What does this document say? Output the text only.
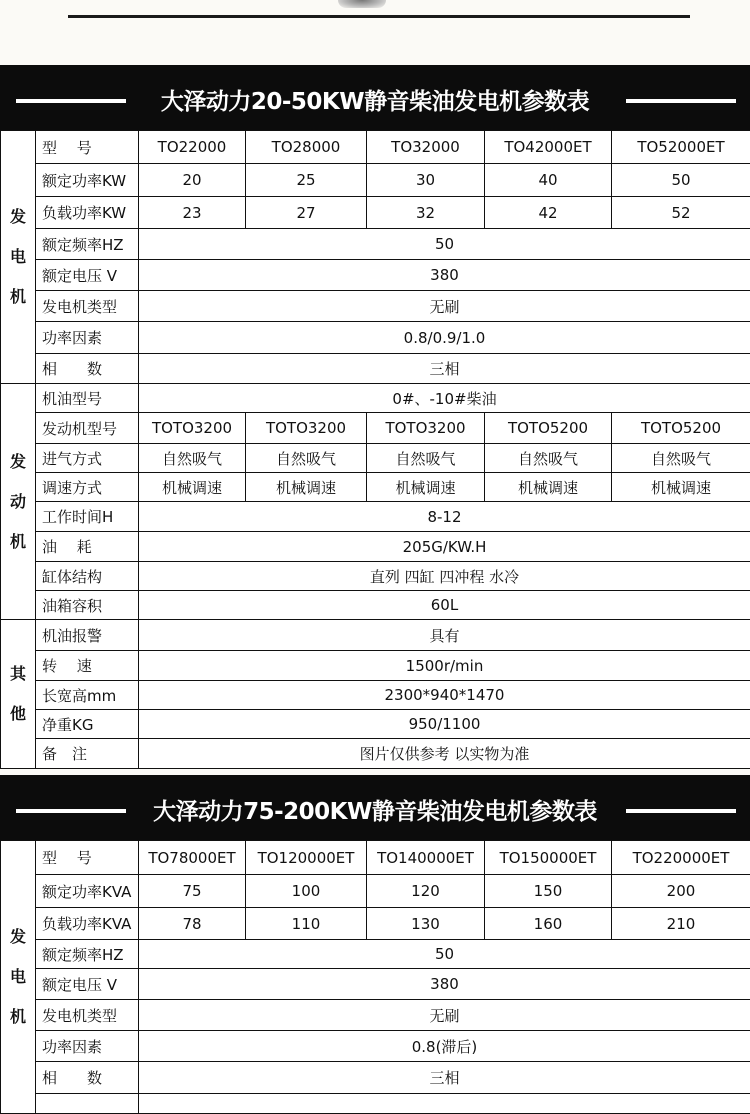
大泽动力20-50KW静音柴油发电机参数表
发电机	型　 号	TO22000	TO28000	TO32000	TO42000ET	TO52000ET
	额定功率KW	20	25	30	40	50
	负载功率KW	23	27	32	42	52
	额定频率HZ	50				
	额定电压 V	380				
	发电机类型	无刷				
	功率因素	0.8/0.9/1.0				
	相　　数	三相				
发动机	机油型号	0#、-10#柴油				
	发动机型号	TOTO3200	TOTO3200	TOTO3200	TOTO5200	TOTO5200
	进气方式	自然吸气	自然吸气	自然吸气	自然吸气	自然吸气
	调速方式	机械调速	机械调速	机械调速	机械调速	机械调速
	工作时间H	8-12				
	油　 耗	205G/KW.H				
	缸体结构	直列 四缸 四冲程 水冷				
	油箱容积	60L				
其他	机油报警	具有				
	转　 速	1500r/min				
	长宽高mm	2300*940*1470				
	净重KG	950/1100				
	备　注	图片仅供参考 以实物为准				
大泽动力75-200KW静音柴油发电机参数表
发电机	型　 号	TO78000ET	TO120000ET	TO140000ET	TO150000ET	TO220000ET
	额定功率KVA	75	100	120	150	200
	负载功率KVA	78	110	130	160	210
	额定频率HZ	50				
	额定电压 V	380				
	发电机类型	无刷				
	功率因素	0.8(滞后)				
	相　　数	三相				
